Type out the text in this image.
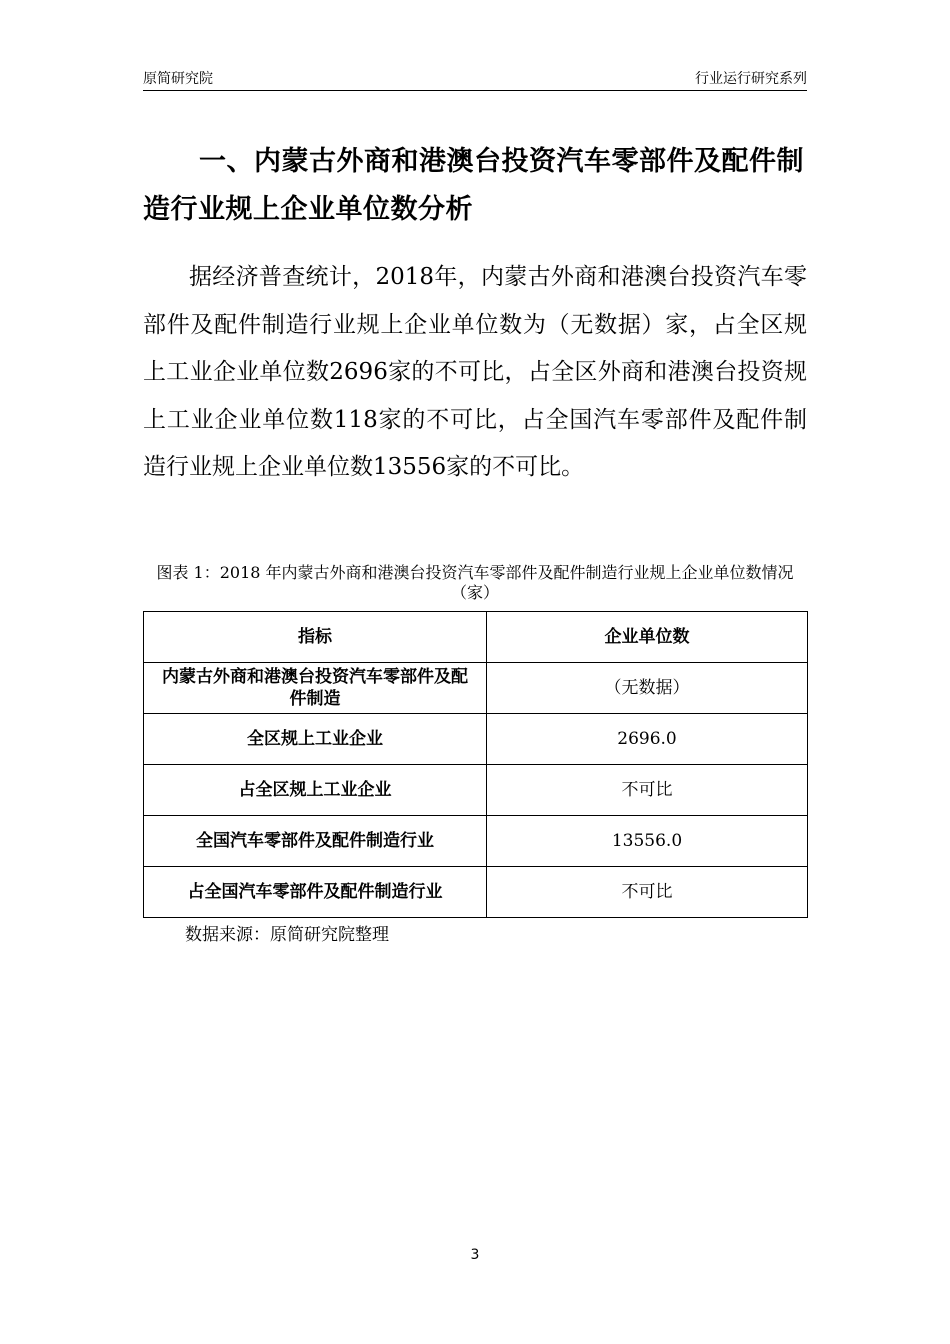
原简研究院	行业运行研究系列
一、内蒙古外商和港澳台投资汽车零部件及配件制造行业规上企业单位数分析
据经济普查统计，2018年，内蒙古外商和港澳台投资汽车零部件及配件制造行业规上企业单位数为（无数据）家，占全区规上工业企业单位数2696家的不可比，占全区外商和港澳台投资规上工业企业单位数118家的不可比，占全国汽车零部件及配件制造行业规上企业单位数13556家的不可比。
图表 1：2018 年内蒙古外商和港澳台投资汽车零部件及配件制造行业规上企业单位数情况（家）
指标	企业单位数
内蒙古外商和港澳台投资汽车零部件及配件制造	（无数据）
全区规上工业企业	2696.0
占全区规上工业企业	不可比
全国汽车零部件及配件制造行业	13556.0
占全国汽车零部件及配件制造行业	不可比
数据来源：原简研究院整理
3
